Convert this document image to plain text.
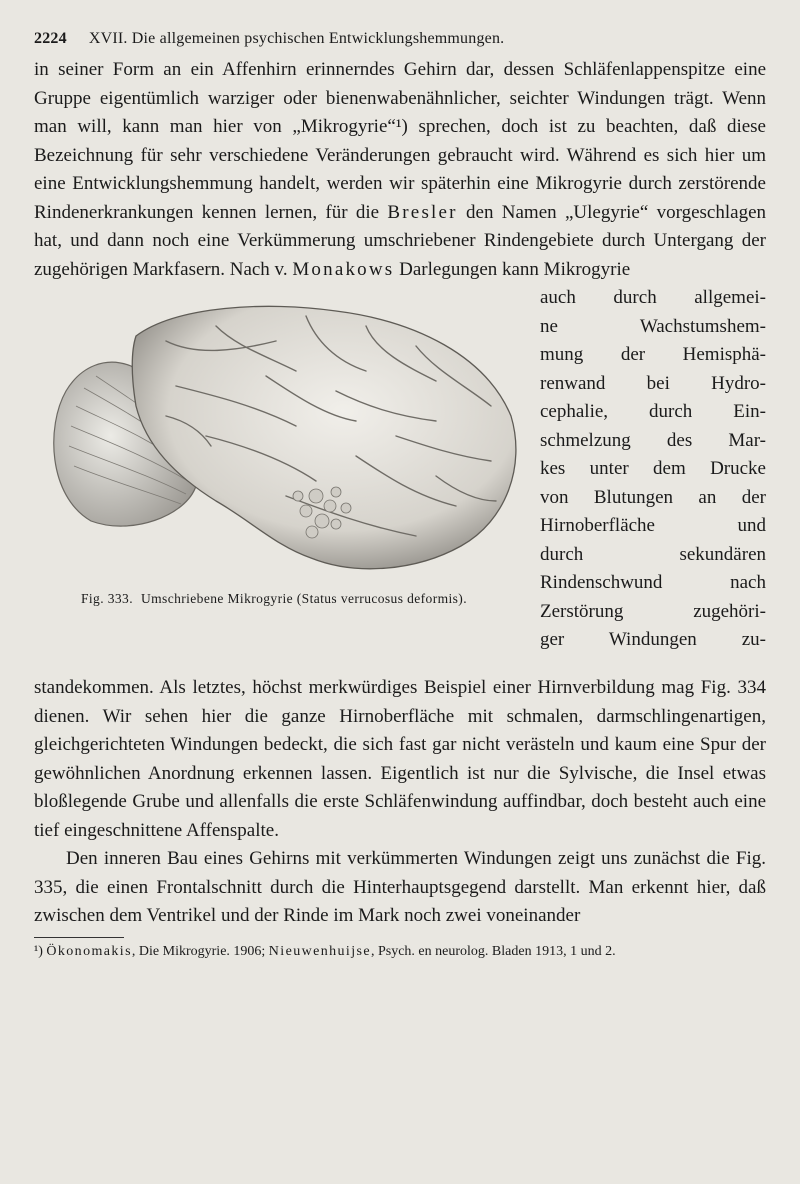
2224 XVII. Die allgemeinen psychischen Entwicklungshemmungen.

in seiner Form an ein Affenhirn erinnerndes Gehirn dar, dessen Schläfenlappenspitze eine Gruppe eigentümlich warziger oder bienenwabenähnlicher, seichter Windungen trägt. Wenn man will, kann man hier von „Mikrogyrie“¹) sprechen, doch ist zu beachten, daß diese Bezeichnung für sehr verschiedene Veränderungen gebraucht wird. Während es sich hier um eine Entwicklungshemmung handelt, werden wir späterhin eine Mikrogyrie durch zerstörende Rindenerkrankungen kennen lernen, für die Bresler den Namen „Ulegyrie“ vorgeschlagen hat, und dann noch eine Verkümmerung umschriebener Rindengebiete durch Untergang der zugehörigen Markfasern. Nach v. Monakows Darlegungen kann Mikrogyrie

Fig. 333. Umschriebene Mikrogyrie (Status verrucosus deformis).
auch durch allgemei-
ne Wachstumshem-
mung der Hemisphä-
renwand bei Hydro-
cephalie, durch Ein-
schmelzung des Mar-
kes unter dem Drucke
von Blutungen an der
Hirnoberfläche und
durch sekundären
Rindenschwund nach
Zerstörung zugehöri-
ger Windungen zu-

standekommen. Als letztes, höchst merkwürdiges Beispiel einer Hirnverbildung mag Fig. 334 dienen. Wir sehen hier die ganze Hirnoberfläche mit schmalen, darmschlingenartigen, gleichgerichteten Windungen bedeckt, die sich fast gar nicht verästeln und kaum eine Spur der gewöhnlichen Anordnung erkennen lassen. Eigentlich ist nur die Sylvische, die Insel etwas bloßlegende Grube und allenfalls die erste Schläfenwindung auffindbar, doch besteht auch eine tief eingeschnittene Affenspalte.

Den inneren Bau eines Gehirns mit verkümmerten Windungen zeigt uns zunächst die Fig. 335, die einen Frontalschnitt durch die Hinterhauptsgegend darstellt. Man erkennt hier, daß zwischen dem Ventrikel und der Rinde im Mark noch zwei voneinander

¹) Ökonomakis, Die Mikrogyrie. 1906; Nieuwenhuijse, Psych. en neurolog. Bladen 1913, 1 und 2.
